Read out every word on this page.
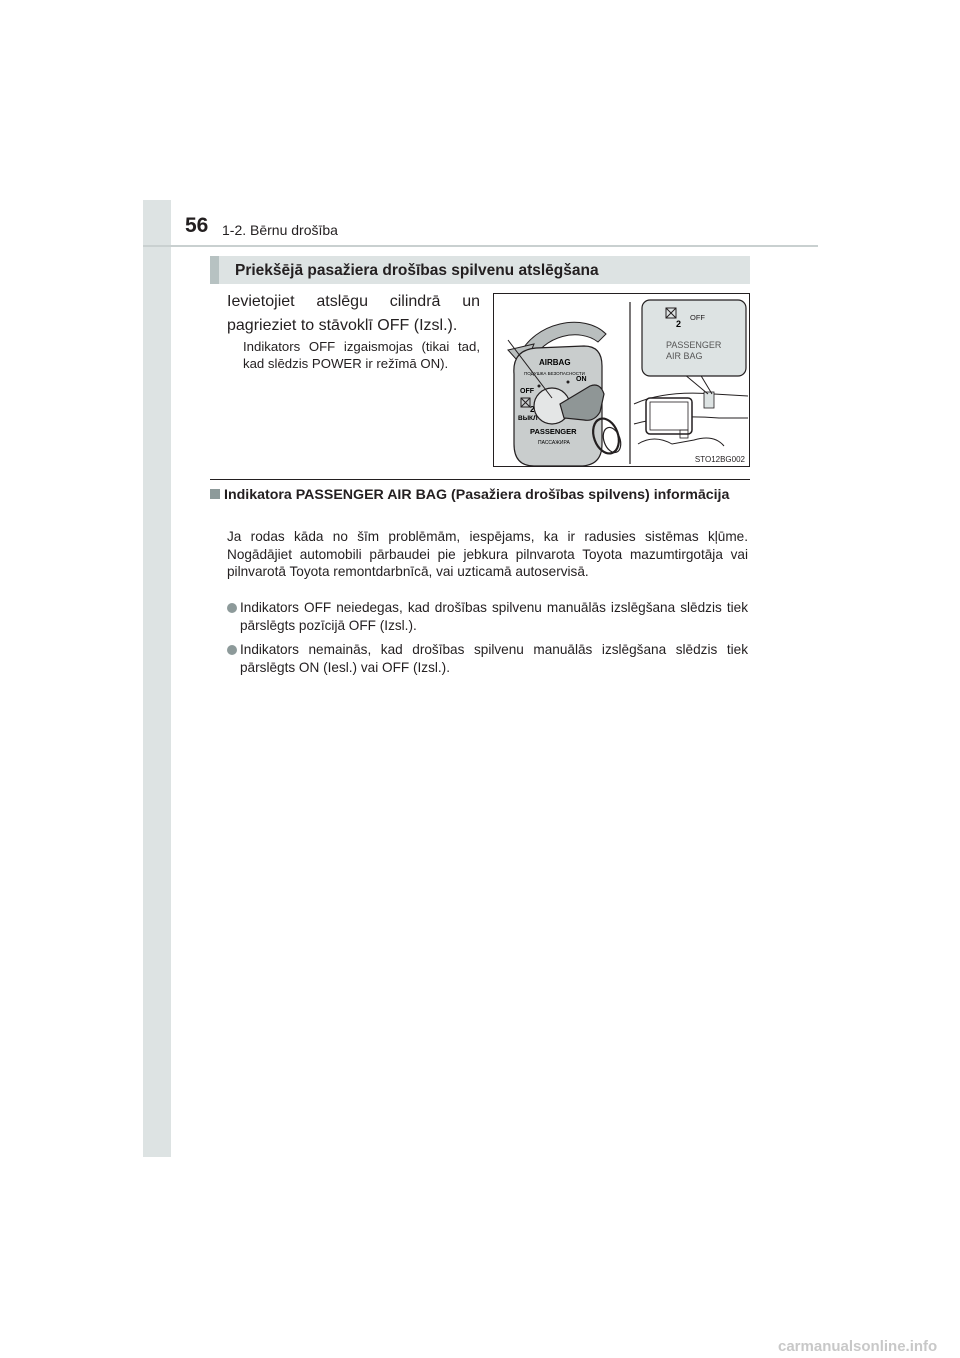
56 1-2. Bērnu drošība
Priekšējā pasažiera drošības spilvenu atslēgšana
Ievietojiet atslēgu cilindrā un pagrieziet to stāvoklī OFF (Izsl.).
Indikators OFF izgaismojas (tikai tad, kad slēdzis POWER ir režīmā ON).	AIRBAG
ПОДУШКА БЕЗОПАСНОСТИ
OFF
ON
ВЫКЛ
PASSENGER
ПАССАЖИРА
2
2
OFF
PASSENGER
AIR BAG
STO12BG002
Indikatora PASSENGER AIR BAG (Pasažiera drošības spilvens) informācija
Ja rodas kāda no šīm problēmām, iespējams, ka ir radusies sistēmas kļūme. Nogādājiet automobili pārbaudei pie jebkura pilnvarota Toyota mazumtirgotāja vai pilnvarotā Toyota remontdarbnīcā, vai uzticamā autoservisā.
Indikators OFF neiedegas, kad drošības spilvenu manuālās izslēgšana slēdzis tiek pārslēgts pozīcijā OFF (Izsl.).
Indikators nemainās, kad drošības spilvenu manuālās izslēgšana slēdzis tiek pārslēgts ON (Iesl.) vai OFF (Izsl.).
carmanualsonline.info
